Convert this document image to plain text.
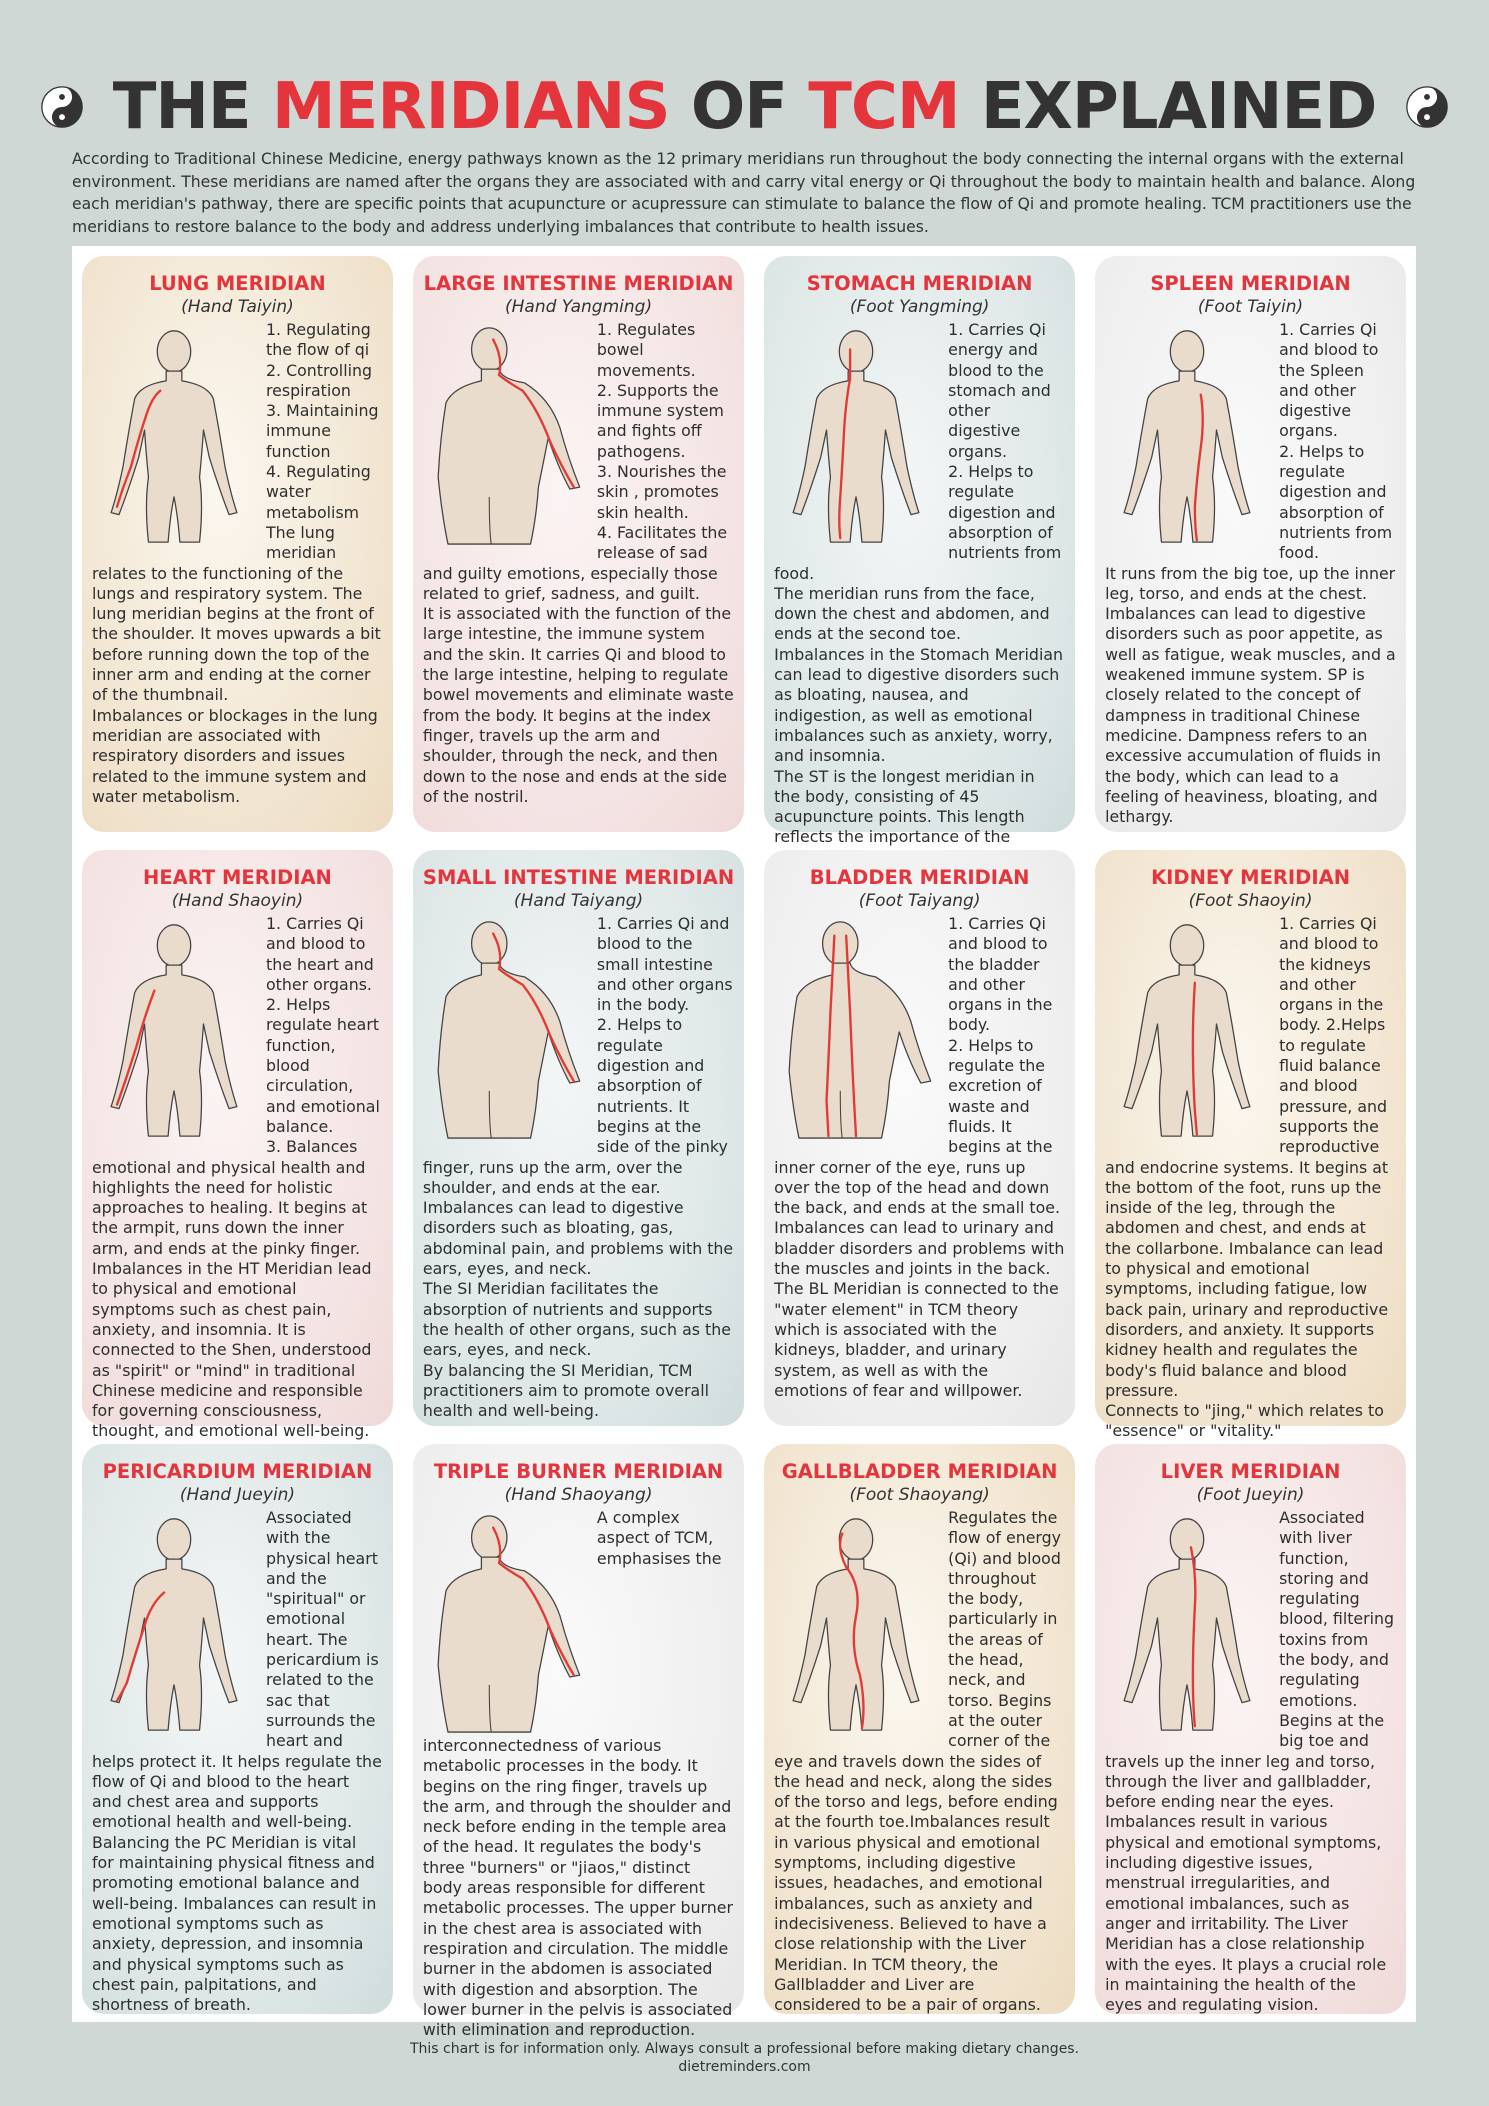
THE MERIDIANS OF TCM EXPLAINED

According to Traditional Chinese Medicine, energy pathways known as the 12 primary meridians run throughout the body connecting the internal organs with the external environment. These meridians are named after the organs they are associated with and carry vital energy or Qi throughout the body to maintain health and balance. Along each meridian's pathway, there are specific points that acupuncture or acupressure can stimulate to balance the flow of Qi and promote healing. TCM practitioners use the meridians to restore balance to the body and address underlying imbalances that contribute to health issues.

LUNG MERIDIAN
(Hand Taiyin)
1. Regulating the flow of qi
2. Controlling respiration
3. Maintaining immune function
4. Regulating water metabolism
The lung meridian relates to the functioning of the lungs and respiratory system. The lung meridian begins at the front of the shoulder. It moves upwards a bit before running down the top of the inner arm and ending at the corner of the thumbnail.
Imbalances or blockages in the lung meridian are associated with respiratory disorders and issues related to the immune system and water metabolism.
LARGE INTESTINE MERIDIAN
(Hand Yangming)
1. Regulates bowel movements.
2. Supports the immune system and fights off pathogens.
3. Nourishes the skin , promotes skin health.
4. Facilitates the release of sad and guilty emotions, especially those related to grief, sadness, and guilt.
It is associated with the function of the large intestine, the immune system and the skin. It carries Qi and blood to the large intestine, helping to regulate bowel movements and eliminate waste from the body. It begins at the index finger, travels up the arm and shoulder, through the neck, and then down to the nose and ends at the side of the nostril.
STOMACH MERIDIAN
(Foot Yangming)
1. Carries Qi energy and blood to the stomach and other digestive organs.
2. Helps to regulate digestion and absorption of nutrients from food.
The meridian runs from the face, down the chest and abdomen, and ends at the second toe.
Imbalances in the Stomach Meridian can lead to digestive disorders such as bloating, nausea, and indigestion, as well as emotional imbalances such as anxiety, worry, and insomnia.
The ST is the longest meridian in the body, consisting of 45 acupuncture points. This length reflects the importance of the
SPLEEN MERIDIAN
(Foot Taiyin)
1. Carries Qi and blood to the Spleen and other digestive organs.
2. Helps to regulate digestion and absorption of nutrients from food.
It runs from the big toe, up the inner leg, torso, and ends at the chest. Imbalances can lead to digestive disorders such as poor appetite, as well as fatigue, weak muscles, and a weakened immune system. SP is closely related to the concept of dampness in traditional Chinese medicine. Dampness refers to an excessive accumulation of fluids in the body, which can lead to a feeling of heaviness, bloating, and lethargy.
HEART MERIDIAN
(Hand Shaoyin)
1. Carries Qi and blood to the heart and other organs.
2. Helps regulate heart function, blood circulation, and emotional balance.
3. Balances emotional and physical health and highlights the need for holistic approaches to healing. It begins at the armpit, runs down the inner arm, and ends at the pinky finger. Imbalances in the HT Meridian lead to physical and emotional symptoms such as chest pain, anxiety, and insomnia. It is connected to the Shen, understood as "spirit" or "mind" in traditional Chinese medicine and responsible for governing consciousness, thought, and emotional well-being.
SMALL INTESTINE MERIDIAN
(Hand Taiyang)
1. Carries Qi and blood to the small intestine and other organs in the body.
2. Helps to regulate digestion and absorption of nutrients. It begins at the side of the pinky finger, runs up the arm, over the shoulder, and ends at the ear. Imbalances can lead to digestive disorders such as bloating, gas, abdominal pain, and problems with the ears, eyes, and neck.
The SI Meridian facilitates the absorption of nutrients and supports the health of other organs, such as the ears, eyes, and neck.
By balancing the SI Meridian, TCM practitioners aim to promote overall health and well-being.
BLADDER MERIDIAN
(Foot Taiyang)
1. Carries Qi and blood to the bladder and other organs in the body.
2. Helps to regulate the excretion of waste and fluids. It begins at the inner corner of the eye, runs up over the top of the head and down the back, and ends at the small toe. Imbalances can lead to urinary and bladder disorders and problems with the muscles and joints in the back.
The BL Meridian is connected to the "water element" in TCM theory which is associated with the kidneys, bladder, and urinary system, as well as with the emotions of fear and willpower.
KIDNEY MERIDIAN
(Foot Shaoyin)
1. Carries Qi and blood to the kidneys and other organs in the body. 2.Helps to regulate fluid balance and blood pressure, and supports the reproductive and endocrine systems. It begins at the bottom of the foot, runs up the inside of the leg, through the abdomen and chest, and ends at the collarbone. Imbalance can lead to physical and emotional symptoms, including fatigue, low back pain, urinary and reproductive disorders, and anxiety. It supports kidney health and regulates the body's fluid balance and blood pressure.
Connects to "jing," which relates to "essence" or "vitality."
PERICARDIUM MERIDIAN
(Hand Jueyin)
Associated with the physical heart and the "spiritual" or emotional heart. The pericardium is related to the sac that surrounds the heart and helps protect it. It helps regulate the flow of Qi and blood to the heart and chest area and supports emotional health and well-being. Balancing the PC Meridian is vital for maintaining physical fitness and promoting emotional balance and well-being. Imbalances can result in emotional symptoms such as anxiety, depression, and insomnia and physical symptoms such as chest pain, palpitations, and shortness of breath.
TRIPLE BURNER MERIDIAN
(Hand Shaoyang)
A complex aspect of TCM, emphasises the interconnectedness of various metabolic processes in the body. It begins on the ring finger, travels up the arm, and through the shoulder and neck before ending in the temple area of the head. It regulates the body's three "burners" or "jiaos," distinct body areas responsible for different metabolic processes. The upper burner in the chest area is associated with respiration and circulation. The middle burner in the abdomen is associated with digestion and absorption. The lower burner in the pelvis is associated with elimination and reproduction.
GALLBLADDER MERIDIAN
(Foot Shaoyang)
Regulates the flow of energy (Qi) and blood throughout the body, particularly in the areas of the head, neck, and torso. Begins at the outer corner of the eye and travels down the sides of the head and neck, along the sides of the torso and legs, before ending at the fourth toe.Imbalances result in various physical and emotional symptoms, including digestive issues, headaches, and emotional imbalances, such as anxiety and indecisiveness. Believed to have a close relationship with the Liver Meridian. In TCM theory, the Gallbladder and Liver are considered to be a pair of organs.
LIVER MERIDIAN
(Foot Jueyin)
Associated with liver function, storing and regulating blood, filtering toxins from the body, and regulating emotions. Begins at the big toe and travels up the inner leg and torso, through the liver and gallbladder, before ending near the eyes. Imbalances result in various physical and emotional symptoms, including digestive issues, menstrual irregularities, and emotional imbalances, such as anger and irritability. The Liver Meridian has a close relationship with the eyes. It plays a crucial role in maintaining the health of the eyes and regulating vision.
This chart is for information only. Always consult a professional before making dietary changes.
dietreminders.com
